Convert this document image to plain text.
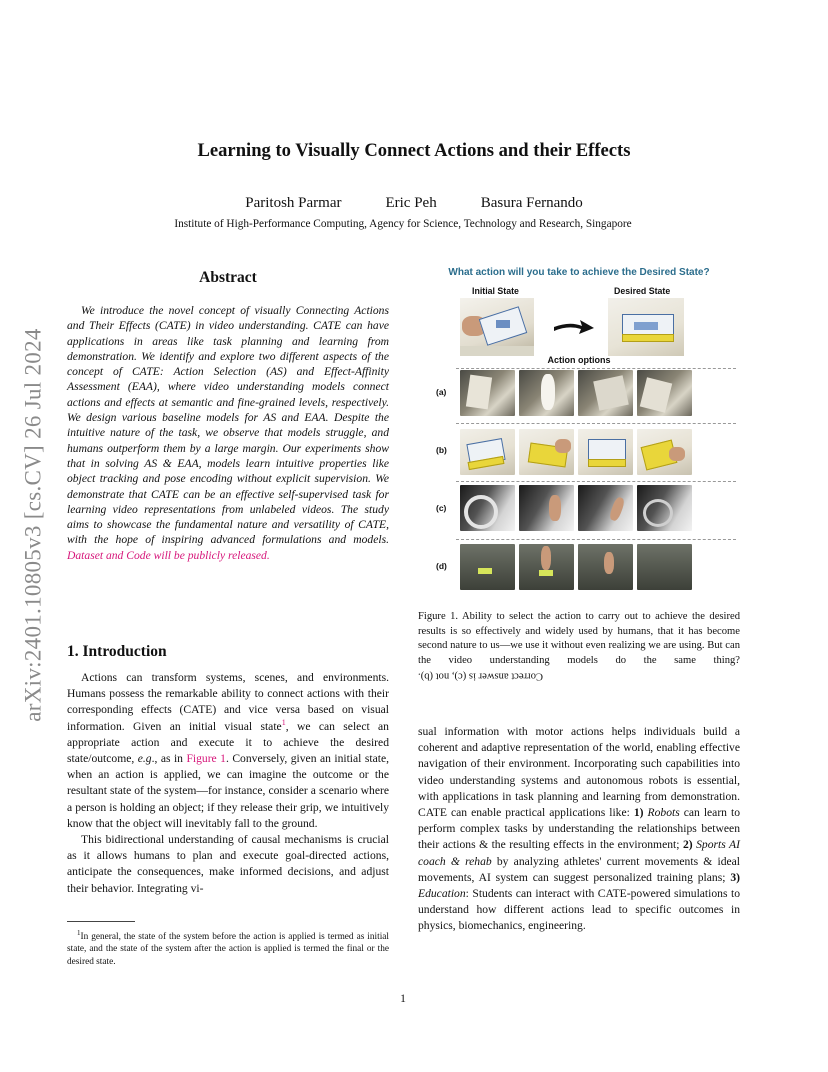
arXiv:2401.10805v3 [cs.CV] 26 Jul 2024
Learning to Visually Connect Actions and their Effects
Paritosh Parmar	Eric Peh	Basura Fernando
Institute of High-Performance Computing, Agency for Science, Technology and Research, Singapore
Abstract

We introduce the novel concept of visually Connecting Actions and Their Effects (CATE) in video understanding. CATE can have applications in areas like task planning and learning from demonstration. We identify and explore two different aspects of the concept of CATE: Action Selection (AS) and Effect-Affinity Assessment (EAA), where video understanding models connect actions and effects at semantic and fine-grained levels, respectively. We design various baseline models for AS and EAA. Despite the intuitive nature of the task, we observe that models struggle, and humans outperform them by a large margin. Our experiments show that in solving AS & EAA, models learn intuitive properties like object tracking and pose encoding without explicit supervision. We demonstrate that CATE can be an effective self-supervised task for learning video representations from unlabeled videos. The study aims to showcase the fundamental nature and versatility of CATE, with the hope of inspiring advanced formulations and models. Dataset and Code will be publicly released.

1. Introduction

Actions can transform systems, scenes, and environments. Humans possess the remarkable ability to connect actions with their corresponding effects (CATE) and vice versa based on visual information. Given an initial visual state$^1$, we can select an appropriate action and execute it to achieve the desired state/outcome, e.g., as in Figure 1. Conversely, given an initial state, when an action is applied, we can imagine the outcome or the resultant state of the system—for instance, consider a scenario where a person is holding an object; if they release their grip, we intuitively know that the object will inevitably fall to the ground.

This bidirectional understanding of causal mechanisms is crucial as it allows humans to plan and execute goal-directed actions, anticipate the consequences, make informed decisions, and adjust their behavior. Integrating vi-

$^1$In general, the state of the system before the action is applied is termed as initial state, and the state of the system after the action is applied is termed the final or the desired state.

What action will you take to achieve the Desired State?
Initial State	Desired State
Action options
(a)
(b)
(c)
(d)

Figure 1. Ability to select the action to carry out to achieve the desired results is so effectively and widely used by humans, that it has become second nature to us—we use it without even realizing we are using. But can the video understanding models do the same thing? Correct answer is (c), not (b).

sual information with motor actions helps individuals build a coherent and adaptive representation of the world, enabling effective navigation of their environment. Incorporating such capabilities into video understanding systems and autonomous robots is essential, with applications in task planning and learning from demonstration. CATE can enable practical applications like: 1) Robots can learn to perform complex tasks by understanding the relationships between their actions & the resulting effects in the environment; 2) Sports AI coach & rehab by analyzing athletes' current movements & ideal movements, AI system can suggest personalized training plans; 3) Education: Students can interact with CATE-powered simulations to understand how different actions lead to specific outcomes in physics, biomechanics, engineering.

1
